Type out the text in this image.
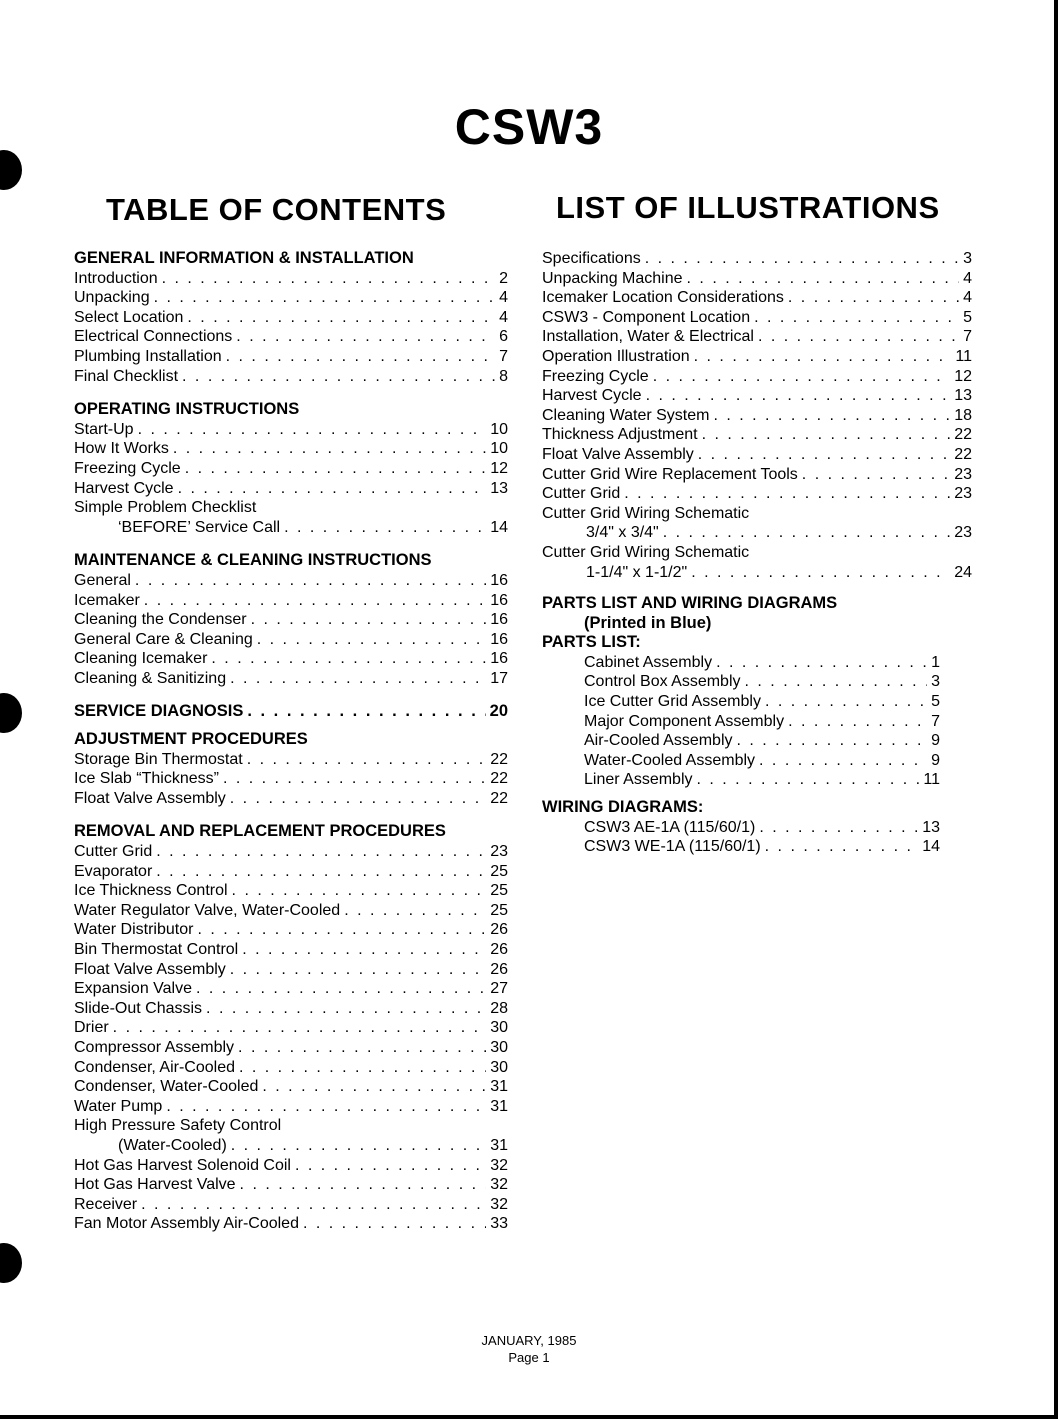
CSW3
TABLE OF CONTENTS	LIST OF ILLUSTRATIONS
GENERAL INFORMATION & INSTALLATION
Introduction . . .	2
Unpacking . . .	4
Select Location . . .	4
Electrical Connections . . .	6
Plumbing Installation . . .	7
Final Checklist . . .	8
OPERATING INSTRUCTIONS
Start-Up . . .	10
How It Works . . .	10
Freezing Cycle . . .	12
Harvest Cycle . . .	13
Simple Problem Checklist
‘BEFORE’ Service Call . . .	14
MAINTENANCE & CLEANING INSTRUCTIONS
General . . .	16
Icemaker . . .	16
Cleaning the Condenser . . .	16
General Care & Cleaning . . .	16
Cleaning Icemaker . . .	16
Cleaning & Sanitizing . . .	17
SERVICE DIAGNOSIS . . .	20
ADJUSTMENT PROCEDURES
Storage Bin Thermostat . . .	22
Ice Slab “Thickness” . . .	22
Float Valve Assembly . . .	22
REMOVAL AND REPLACEMENT PROCEDURES
Cutter Grid . . .	23
Evaporator . . .	25
Ice Thickness Control . . .	25
Water Regulator Valve, Water-Cooled . . .	25
Water Distributor . . .	26
Bin Thermostat Control . . .	26
Float Valve Assembly . . .	26
Expansion Valve . . .	27
Slide-Out Chassis . . .	28
Drier . . .	30
Compressor Assembly . . .	30
Condenser, Air-Cooled . . .	30
Condenser, Water-Cooled . . .	31
Water Pump . . .	31
High Pressure Safety Control
(Water-Cooled) . . .	31
Hot Gas Harvest Solenoid Coil . . .	32
Hot Gas Harvest Valve . . .	32
Receiver . . .	32
Fan Motor Assembly Air-Cooled . . .	33
Specifications . . .	3
Unpacking Machine . . .	4
Icemaker Location Considerations . . .	4
CSW3 - Component Location . . .	5
Installation, Water & Electrical . . .	7
Operation Illustration . . .	11
Freezing Cycle . . .	12
Harvest Cycle . . .	13
Cleaning Water System . . .	18
Thickness Adjustment . . .	22
Float Valve Assembly . . .	22
Cutter Grid Wire Replacement Tools . . .	23
Cutter Grid . . .	23
Cutter Grid Wiring Schematic
3/4" x 3/4" . . .	23
Cutter Grid Wiring Schematic
1-1/4" x 1-1/2" . . .	24
PARTS LIST AND WIRING DIAGRAMS
(Printed in Blue)
PARTS LIST:
Cabinet Assembly . . .	1
Control Box Assembly . . .	3
Ice Cutter Grid Assembly . . .	5
Major Component Assembly . . .	7
Air-Cooled Assembly . . .	9
Water-Cooled Assembly . . .	9
Liner Assembly . . .	11
WIRING DIAGRAMS:
CSW3 AE-1A (115/60/1) . . .	13
CSW3 WE-1A (115/60/1) . . .	14
JANUARY, 1985
Page 1
